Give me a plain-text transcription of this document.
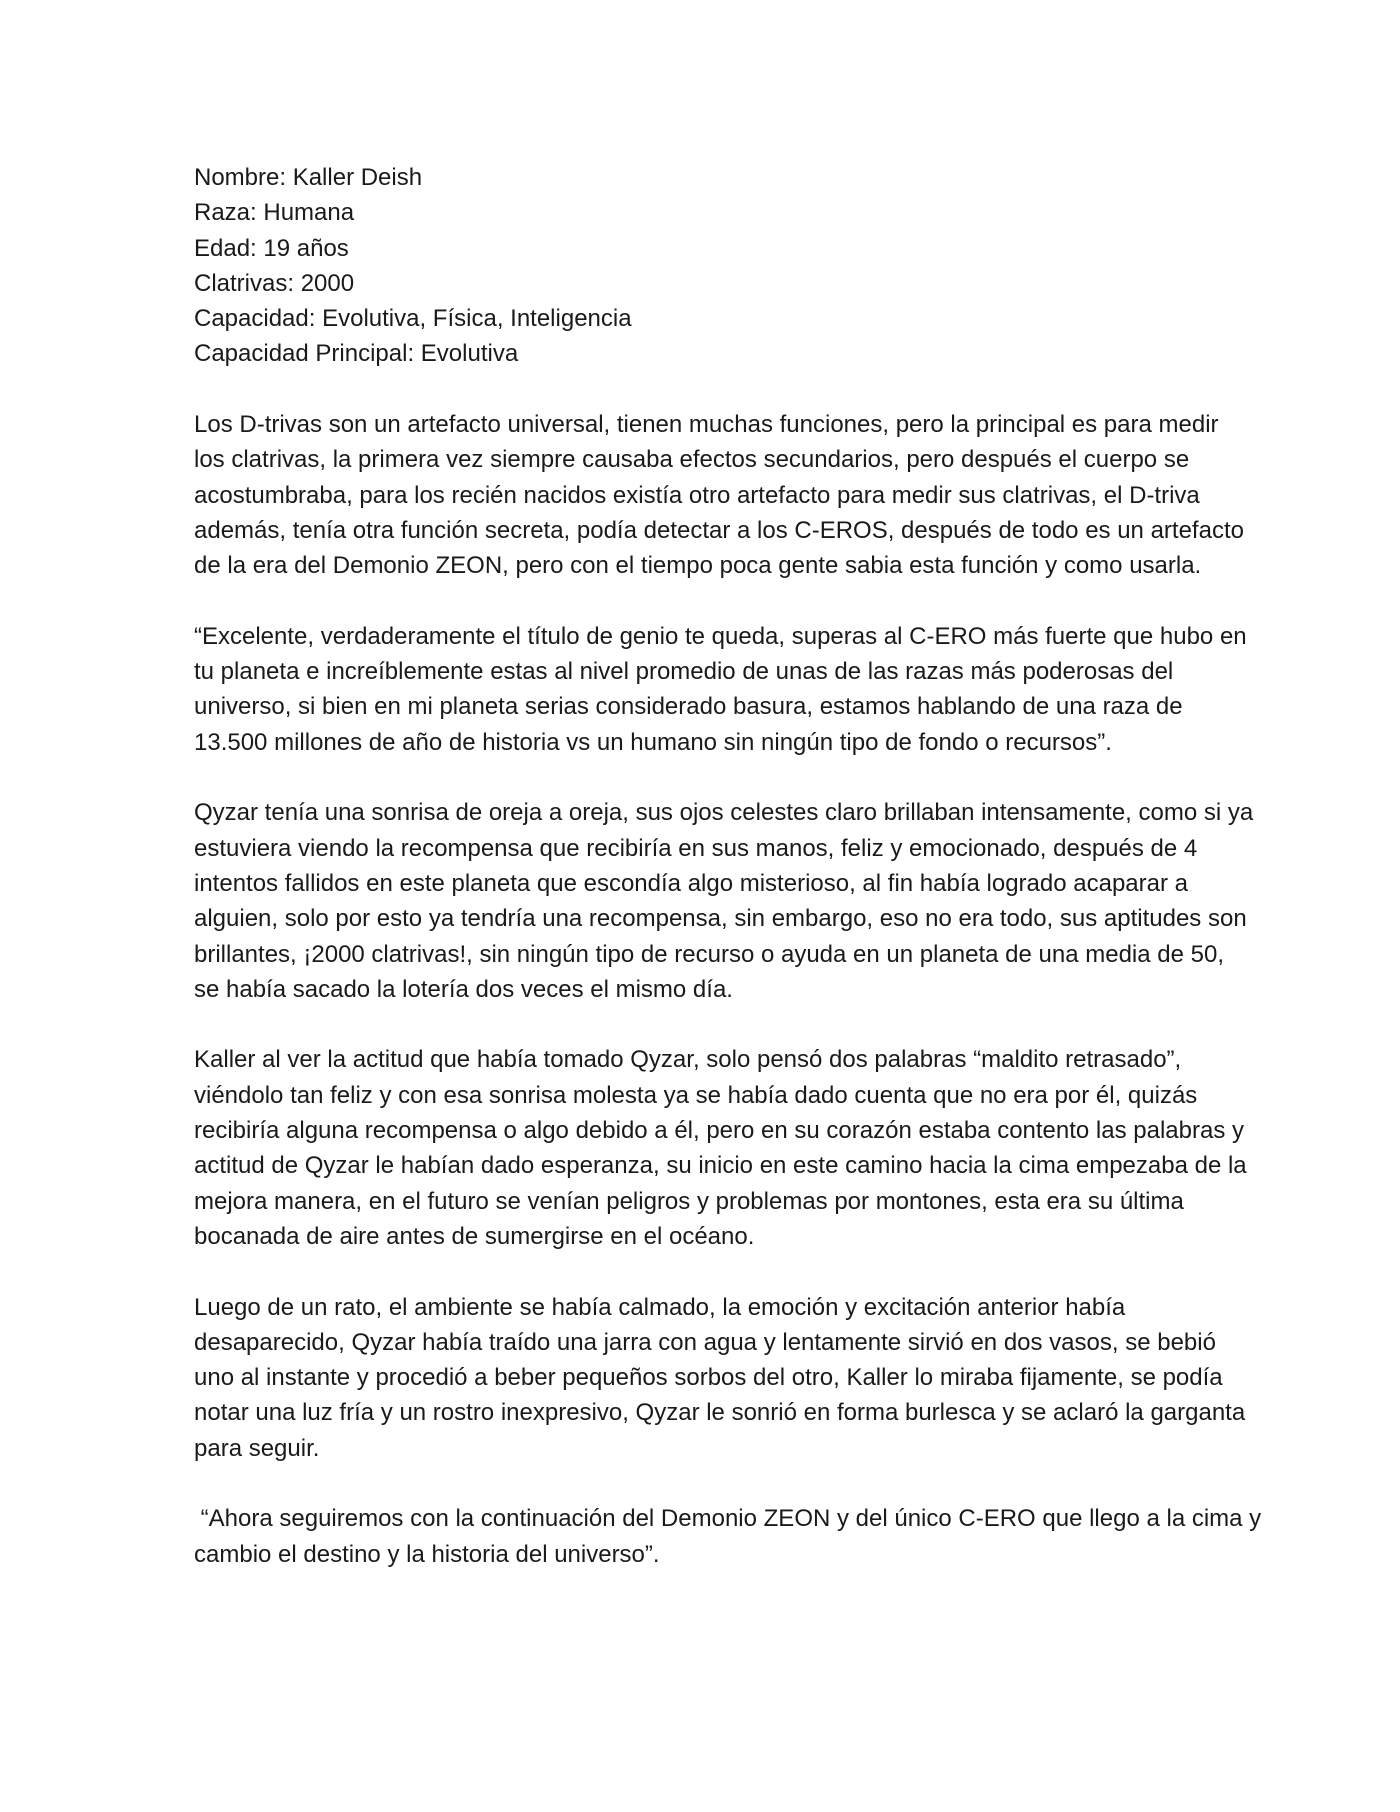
Nombre: Kaller Deish
Raza: Humana
Edad: 19 años
Clatrivas: 2000
Capacidad: Evolutiva, Física, Inteligencia
Capacidad Principal: Evolutiva

Los D-trivas son un artefacto universal, tienen muchas funciones, pero la principal es para medir
los clatrivas, la primera vez siempre causaba efectos secundarios, pero después el cuerpo se
acostumbraba, para los recién nacidos existía otro artefacto para medir sus clatrivas, el D-triva
además, tenía otra función secreta, podía detectar a los C-EROS, después de todo es un artefacto
de la era del Demonio ZEON, pero con el tiempo poca gente sabia esta función y como usarla.

“Excelente, verdaderamente el título de genio te queda, superas al C-ERO más fuerte que hubo en
tu planeta e increíblemente estas al nivel promedio de unas de las razas más poderosas del
universo, si bien en mi planeta serias considerado basura, estamos hablando de una raza de
13.500 millones de año de historia vs un humano sin ningún tipo de fondo o recursos”.

Qyzar tenía una sonrisa de oreja a oreja, sus ojos celestes claro brillaban intensamente, como si ya
estuviera viendo la recompensa que recibiría en sus manos, feliz y emocionado, después de 4
intentos fallidos en este planeta que escondía algo misterioso, al fin había logrado acaparar a
alguien, solo por esto ya tendría una recompensa, sin embargo, eso no era todo, sus aptitudes son
brillantes, ¡2000 clatrivas!, sin ningún tipo de recurso o ayuda en un planeta de una media de 50,
se había sacado la lotería dos veces el mismo día.

Kaller al ver la actitud que había tomado Qyzar, solo pensó dos palabras “maldito retrasado”,
viéndolo tan feliz y con esa sonrisa molesta ya se había dado cuenta que no era por él, quizás
recibiría alguna recompensa o algo debido a él, pero en su corazón estaba contento las palabras y
actitud de Qyzar le habían dado esperanza, su inicio en este camino hacia la cima empezaba de la
mejora manera, en el futuro se venían peligros y problemas por montones, esta era su última
bocanada de aire antes de sumergirse en el océano.

Luego de un rato, el ambiente se había calmado, la emoción y excitación anterior había
desaparecido, Qyzar había traído una jarra con agua y lentamente sirvió en dos vasos, se bebió
uno al instante y procedió a beber pequeños sorbos del otro, Kaller lo miraba fijamente, se podía
notar una luz fría y un rostro inexpresivo, Qyzar le sonrió en forma burlesca y se aclaró la garganta
para seguir.

“Ahora seguiremos con la continuación del Demonio ZEON y del único C-ERO que llego a la cima y
cambio el destino y la historia del universo”.
